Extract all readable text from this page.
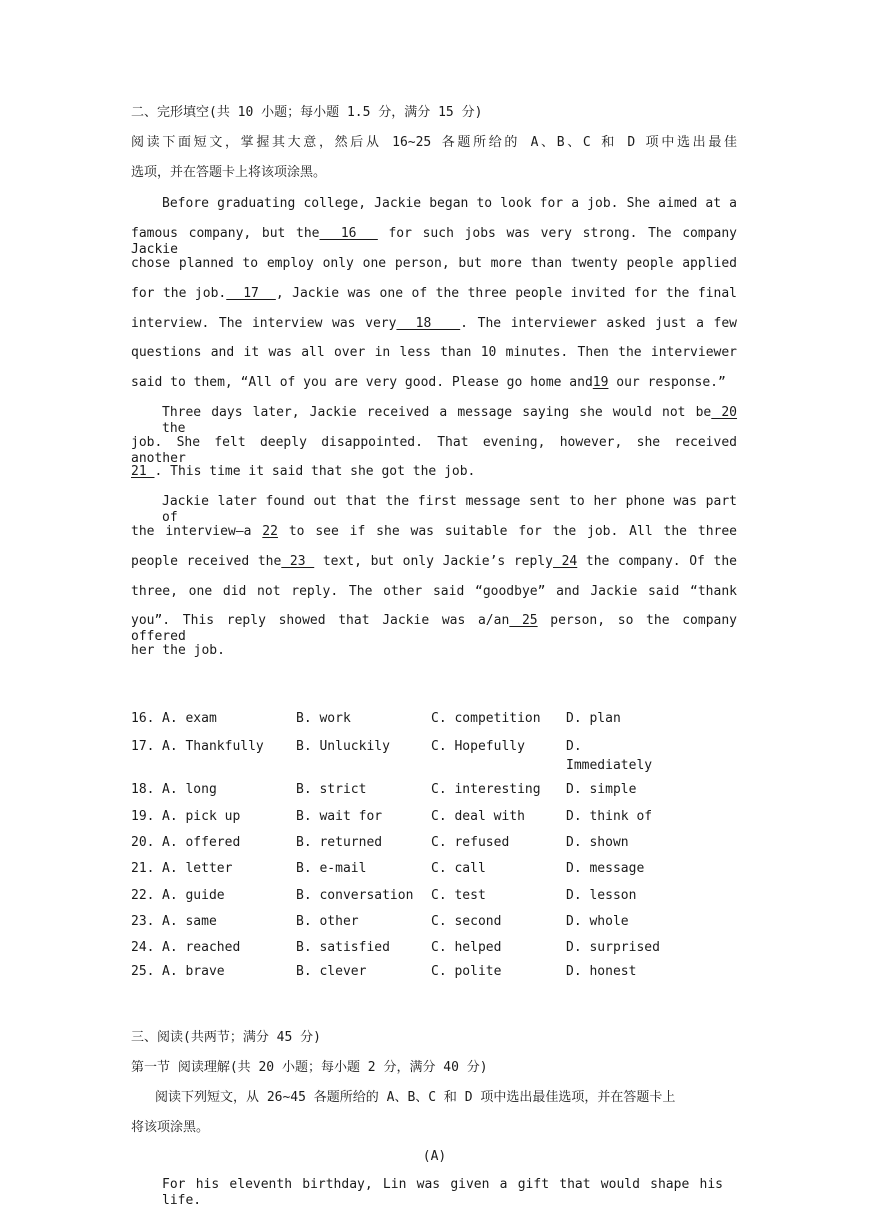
二、完形填空(共 10 小题；每小题 1.5 分，满分 15 分)
阅读下面短文，掌握其大意，然后从 16~25 各题所给的 A、B、C 和 D 项中选出最佳
选项，并在答题卡上将该项涂黑。
Before graduating college, Jackie began to look for a job. She aimed at a
famous company, but the  16   for such jobs was very strong. The company Jackie
chose planned to employ only one person, but more than twenty people applied
for the job.  17  , Jackie was one of the three people invited for the final
interview. The interview was very  18   . The interviewer asked just a few
questions and it was all over in less than 10 minutes. Then the interviewer
said to them, “All of you are very good. Please go home and19 our response.”
Three days later, Jackie received a message saying she would not be 20 the
job. She felt deeply disappointed. That evening, however, she received another
21 . This time it said that she got the job.
Jackie later found out that the first message sent to her phone was part of
the interview—a 22 to see if she was suitable for the job. All the three
people received the 23  text, but only Jackie’s reply 24 the company. Of the
three, one did not reply. The other said “goodbye” and Jackie said “thank
you”. This reply showed that Jackie was a/an 25 person, so the company offered
her the job.
16. A. exam	B. work	C. competition D. plan
17. A. Thankfully B. Unluckily	C. Hopefully	D.
Immediately
18. A. long	B. strict	C. interesting D. simple
19. A. pick up	B. wait for	C. deal with	D. think of
20. A. offered	B. returned	C. refused	D. shown
21. A. letter	B. e-mail	C. call	D. message
22. A. guide	B. conversation C. test	D. lesson
23. A. same	B. other	C. second	D. whole
24. A. reached	B. satisfied	C. helped	D. surprised
25. A. brave	B. clever	C. polite	D. honest
三、阅读(共两节；满分 45 分)
第一节 阅读理解(共 20 小题；每小题 2 分，满分 40 分)
阅读下列短文，从 26~45 各题所给的 A、B、C 和 D 项中选出最佳选项，并在答题卡上
将该项涂黑。
(A)
For his eleventh birthday, Lin was given a gift that would shape his life.
